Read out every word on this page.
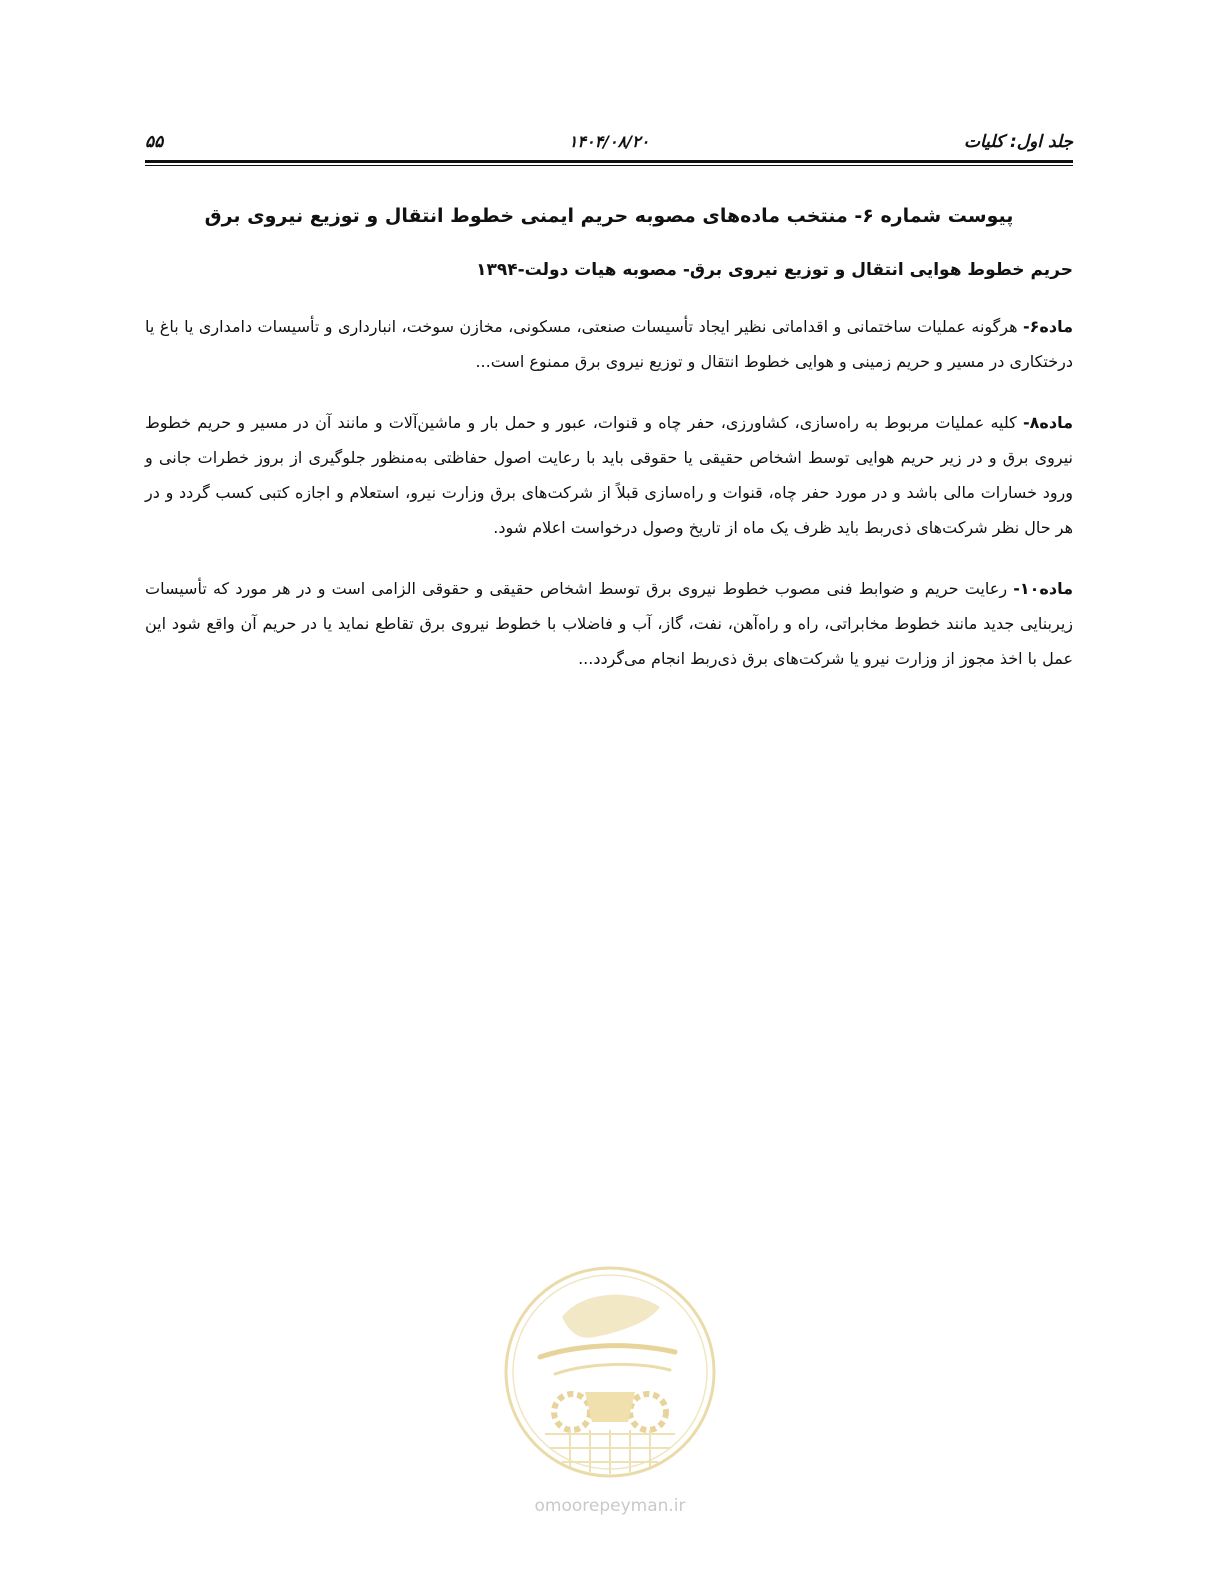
جلد اول: کلیات
۱۴۰۴/۰۸/۲۰
۵۵
پیوست شماره ۶- منتخب ماده‌های مصوبه حریم ایمنی خطوط انتقال و توزیع نیروی برق
حریم خطوط هوایی انتقال و توزیع نیروی برق- مصوبه هیات دولت-۱۳۹۴

ماده۶- هرگونه عملیات ساختمانی و اقداماتی نظیر ایجاد تأسیسات صنعتی، مسکونی، مخازن سوخت، انبارداری و تأسیسات دامداری یا باغ یا درختکاری در مسیر و حریم زمینی و هوایی خطوط انتقال و توزیع نیروی برق ممنوع است...

ماده۸- کلیه عملیات مربوط به راه‌سازی، کشاورزی، حفر چاه و قنوات، عبور و حمل بار و ماشین‌آلات و مانند آن در مسیر و حریم خطوط نیروی برق و در زیر حریم هوایی توسط اشخاص حقیقی یا حقوقی باید با رعایت اصول حفاظتی به‌منظور جلوگیری از بروز خطرات جانی و ورود خسارات مالی باشد و در مورد حفر چاه، قنوات و راه‌سازی قبلاً از شرکت‌های برق وزارت نیرو، استعلام و اجازه کتبی کسب گردد و در هر حال نظر شرکت‌های ذی‌ربط باید ظرف یک ماه از تاریخ وصول درخواست اعلام شود.

ماده۱۰- رعایت حریم و ضوابط فنی مصوب خطوط نیروی برق توسط اشخاص حقیقی و حقوقی الزامی است و در هر مورد که تأسیسات زیربنایی جدید مانند خطوط مخابراتی، راه و راه‌آهن، نفت، گاز، آب و فاضلاب با خطوط نیروی برق تقاطع نماید یا در حریم آن واقع شود این عمل با اخذ مجوز از وزارت نیرو یا شرکت‌های برق ذی‌ربط انجام می‌گردد...

omoorepeyman.ir
